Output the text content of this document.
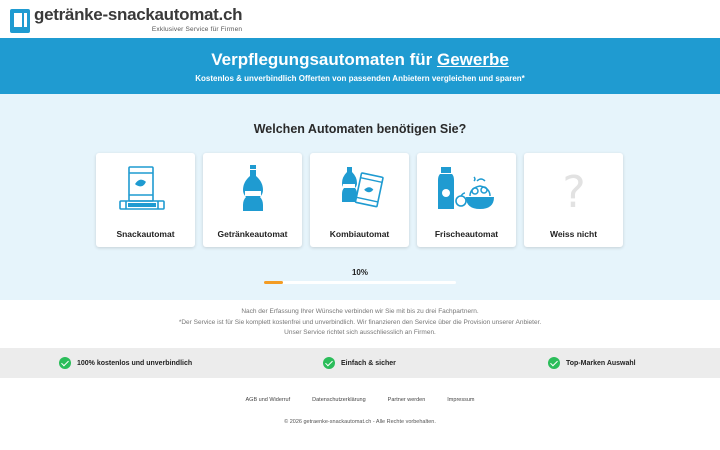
getränke-snackautomat.ch
Exklusiver Service für Firmen
Verpflegungsautomaten für Gewerbe
Kostenlos & unverbindlich Offerten von passenden Anbietern vergleichen und sparen*
Welchen Automaten benötigen Sie?
Snackautomat	Getränkeautomat	Kombiautomat	Frischeautomat
?
Weiss nicht
10%
Nach der Erfassung Ihrer Wünsche verbinden wir Sie mit bis zu drei Fachpartnern.
*Der Service ist für Sie komplett kostenfrei und unverbindlich. Wir finanzieren den Service über die Provision unserer Anbieter.
Unser Service richtet sich ausschliesslich an Firmen.
100% kostenlos und unverbindlich	Einfach & sicher	Top-Marken Auswahl
AGB und Widerruf	Datenschutzerklärung	Partner werden	Impressum
© 2026 getraenke-snackautomat.ch - Alle Rechte vorbehalten.
